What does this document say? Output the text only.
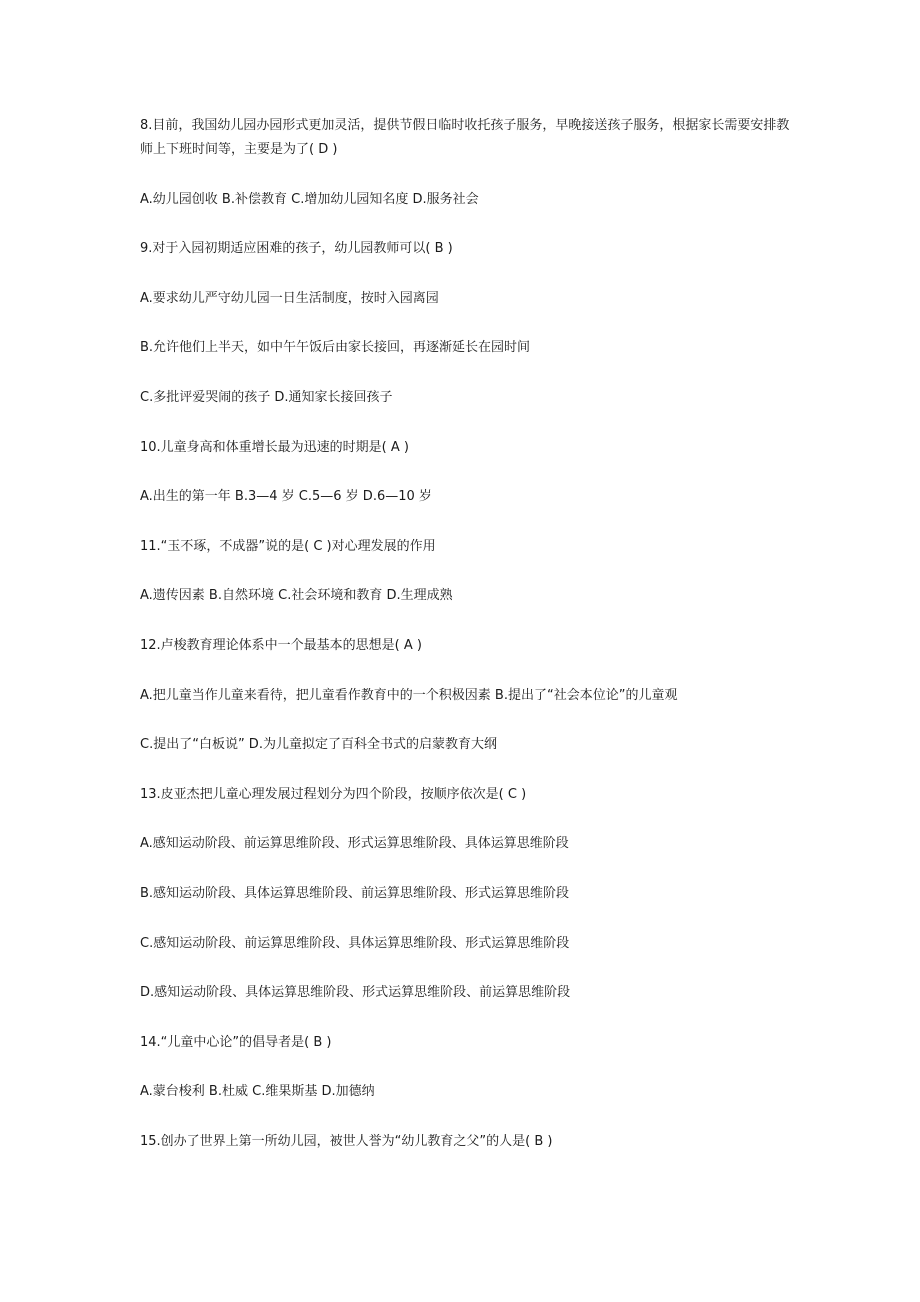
8.目前，我国幼儿园办园形式更加灵活，提供节假日临时收托孩子服务，早晚接送孩子服务，根据家长需要安排教师上下班时间等，主要是为了( D )

A.幼儿园创收 B.补偿教育 C.增加幼儿园知名度 D.服务社会

9.对于入园初期适应困难的孩子，幼儿园教师可以( B )

A.要求幼儿严守幼儿园一日生活制度，按时入园离园

B.允许他们上半天，如中午午饭后由家长接回，再逐渐延长在园时间

C.多批评爱哭闹的孩子 D.通知家长接回孩子

10.儿童身高和体重增长最为迅速的时期是( A )

A.出生的第一年 B.3—4 岁 C.5—6 岁 D.6—10 岁

11.“玉不琢，不成器”说的是( C )对心理发展的作用

A.遗传因素 B.自然环境 C.社会环境和教育 D.生理成熟

12.卢梭教育理论体系中一个最基本的思想是( A )

A.把儿童当作儿童来看待，把儿童看作教育中的一个积极因素 B.提出了“社会本位论”的儿童观

C.提出了“白板说” D.为儿童拟定了百科全书式的启蒙教育大纲

13.皮亚杰把儿童心理发展过程划分为四个阶段，按顺序依次是( C )

A.感知运动阶段、前运算思维阶段、形式运算思维阶段、具体运算思维阶段

B.感知运动阶段、具体运算思维阶段、前运算思维阶段、形式运算思维阶段

C.感知运动阶段、前运算思维阶段、具体运算思维阶段、形式运算思维阶段

D.感知运动阶段、具体运算思维阶段、形式运算思维阶段、前运算思维阶段

14.“儿童中心论”的倡导者是( B )

A.蒙台梭利 B.杜威 C.维果斯基 D.加德纳

15.创办了世界上第一所幼儿园，被世人誉为“幼儿教育之父”的人是( B )
